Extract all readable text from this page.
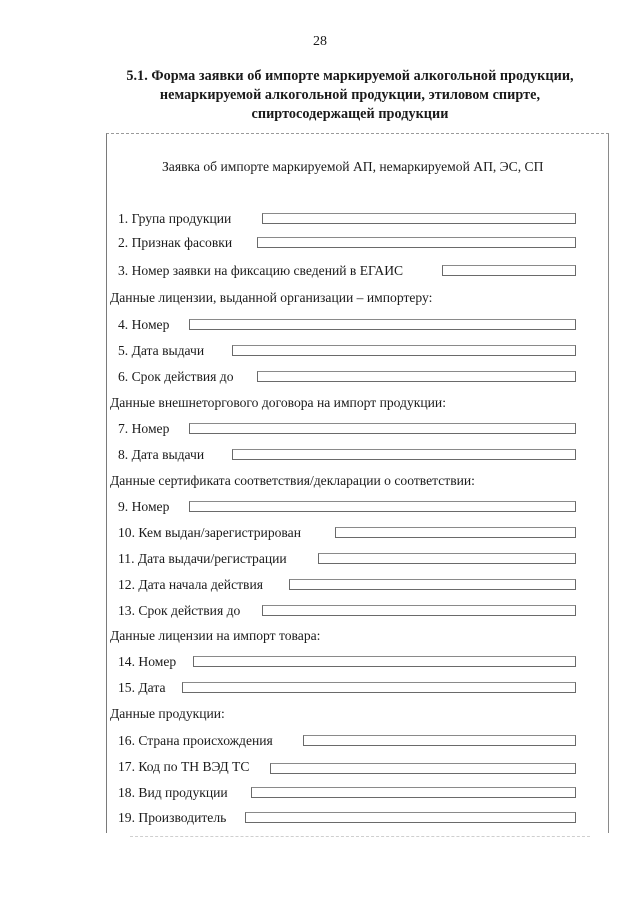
28
5.1. Форма заявки об импорте маркируемой алкогольной продукции,
немаркируемой алкогольной продукции, этиловом спирте,
спиртосодержащей продукции
Заявка об импорте маркируемой АП, немаркируемой АП, ЭС, СП
1. Група продукции
2. Признак фасовки
3. Номер заявки на фиксацию сведений в ЕГАИС
Данные лицензии, выданной организации – импортеру:
4. Номер
5. Дата выдачи
6. Срок действия до
Данные внешнеторгового договора на импорт продукции:
7. Номер
8. Дата выдачи
Данные сертификата соответствия/декларации о соответствии:
9. Номер
10. Кем выдан/зарегистрирован
11. Дата выдачи/регистрации
12. Дата начала действия
13. Срок действия до
Данные лицензии на импорт товара:
14. Номер
15. Дата
Данные продукции:
16. Страна происхождения
17. Код по ТН ВЭД ТС
18. Вид продукции
19. Производитель
